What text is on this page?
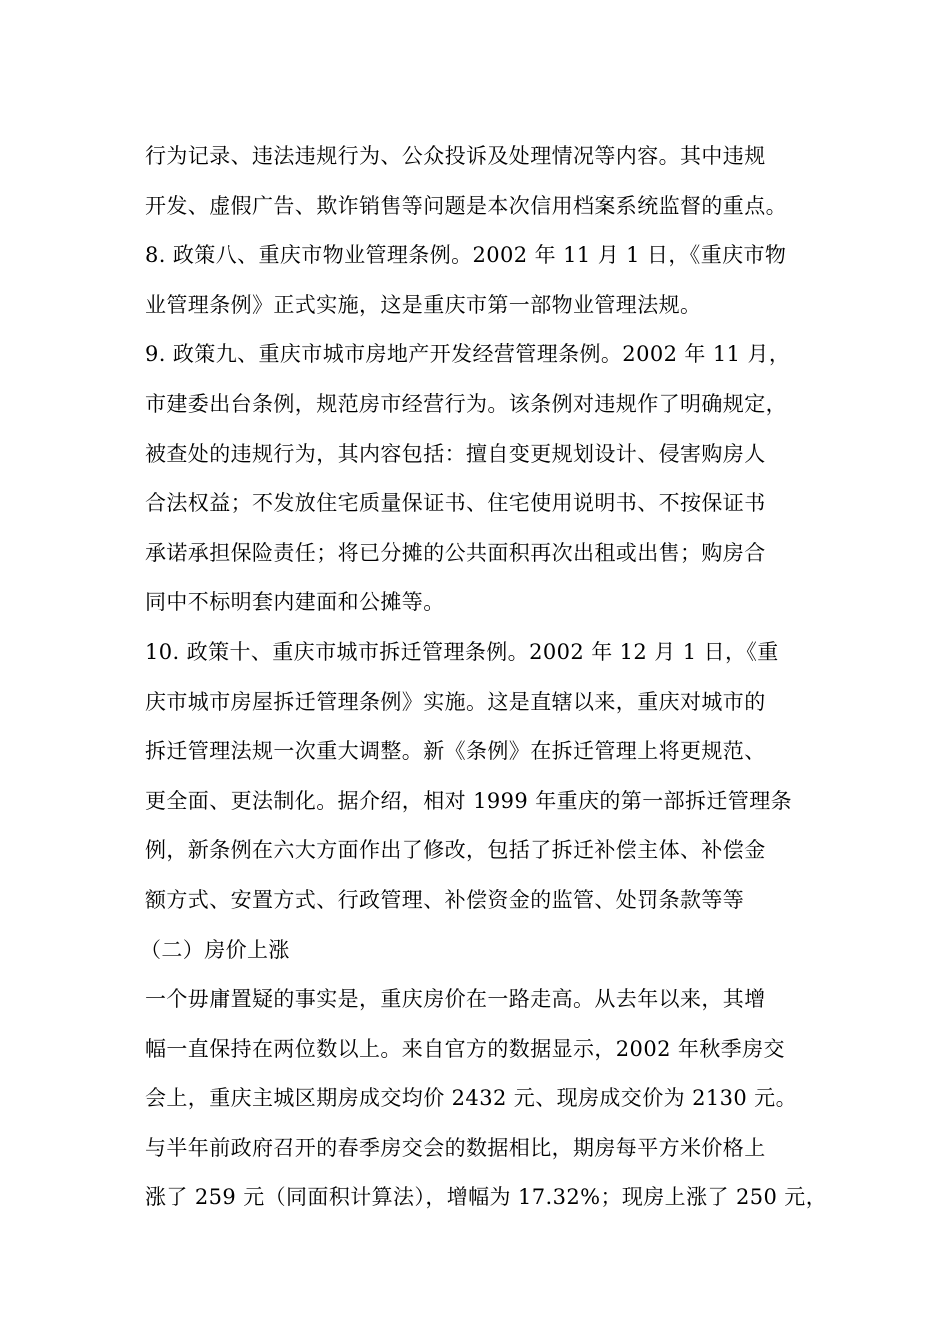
行为记录、违法违规行为、公众投诉及处理情况等内容。其中违规
开发、虚假广告、欺诈销售等问题是本次信用档案系统监督的重点。
8. 政策八、重庆市物业管理条例。2002 年 11 月 1 日，《重庆市物
业管理条例》正式实施，这是重庆市第一部物业管理法规。
9. 政策九、重庆市城市房地产开发经营管理条例。2002 年 11 月，
市建委出台条例，规范房市经营行为。该条例对违规作了明确规定，
被查处的违规行为，其内容包括：擅自变更规划设计、侵害购房人
合法权益；不发放住宅质量保证书、住宅使用说明书、不按保证书
承诺承担保险责任；将已分摊的公共面积再次出租或出售；购房合
同中不标明套内建面和公摊等。
10. 政策十、重庆市城市拆迁管理条例。2002 年 12 月 1 日，《重
庆市城市房屋拆迁管理条例》实施。这是直辖以来，重庆对城市的
拆迁管理法规一次重大调整。新《条例》在拆迁管理上将更规范、
更全面、更法制化。据介绍，相对 1999 年重庆的第一部拆迁管理条
例，新条例在六大方面作出了修改，包括了拆迁补偿主体、补偿金
额方式、安置方式、行政管理、补偿资金的监管、处罚条款等等
（二）房价上涨
一个毋庸置疑的事实是，重庆房价在一路走高。从去年以来，其增
幅一直保持在两位数以上。来自官方的数据显示，2002 年秋季房交
会上，重庆主城区期房成交均价 2432 元、现房成交价为 2130 元。
与半年前政府召开的春季房交会的数据相比，期房每平方米价格上
涨了 259 元（同面积计算法），增幅为 17.32%；现房上涨了 250 元，
